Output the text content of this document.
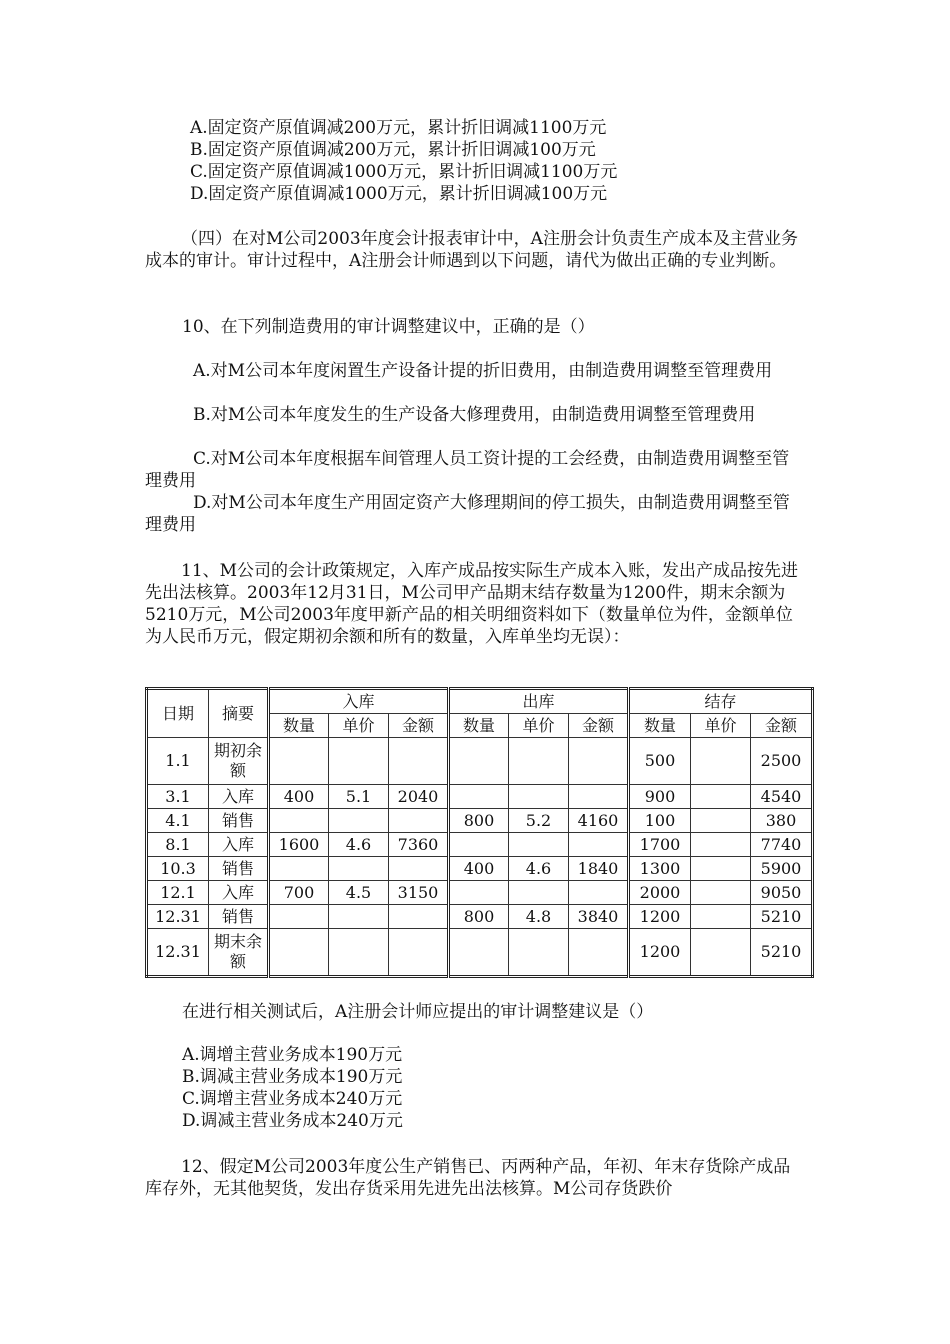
A.固定资产原值调减200万元，累计折旧调减1100万元
B.固定资产原值调减200万元，累计折旧调减100万元
C.固定资产原值调减1000万元，累计折旧调减1100万元
D.固定资产原值调减1000万元，累计折旧调减100万元
（四）在对M公司2003年度会计报表审计中，A注册会计负责生产成本及主营业务成本的审计。审计过程中，A注册会计师遇到以下问题，请代为做出正确的专业判断。
10、在下列制造费用的审计调整建议中，正确的是（）
A.对M公司本年度闲置生产设备计提的折旧费用，由制造费用调整至管理费用
B.对M公司本年度发生的生产设备大修理费用，由制造费用调整至管理费用
C.对M公司本年度根据车间管理人员工资计提的工会经费，由制造费用调整至管理费用
D.对M公司本年度生产用固定资产大修理期间的停工损失，由制造费用调整至管理费用
11、M公司的会计政策规定，入库产成品按实际生产成本入账，发出产成品按先进先出法核算。2003年12月31日，M公司甲产品期末结存数量为1200件，期末余额为5210万元，M公司2003年度甲新产品的相关明细资料如下（数量单位为件，金额单位为人民币万元，假定期初余额和所有的数量，入库单坐均无误）：
日期	摘要	入库			出库			结存		
		数量	单价	金额	数量	单价	金额	数量	单价	金额
1.1	期初余额							500		2500
3.1	入库	400	5.1	2040				900		4540
4.1	销售				800	5.2	4160	100		380
8.1	入库	1600	4.6	7360				1700		7740
10.3	销售				400	4.6	1840	1300		5900
12.1	入库	700	4.5	3150				2000		9050
12.31	销售				800	4.8	3840	1200		5210
12.31	期末余额							1200		5210
在进行相关测试后，A注册会计师应提出的审计调整建议是（）
A.调增主营业务成本190万元
B.调减主营业务成本190万元
C.调增主营业务成本240万元
D.调减主营业务成本240万元
12、假定M公司2003年度公生产销售已、丙两种产品，年初、年末存货除产成品库存外，无其他契货，发出存货采用先进先出法核算。M公司存货跌价
